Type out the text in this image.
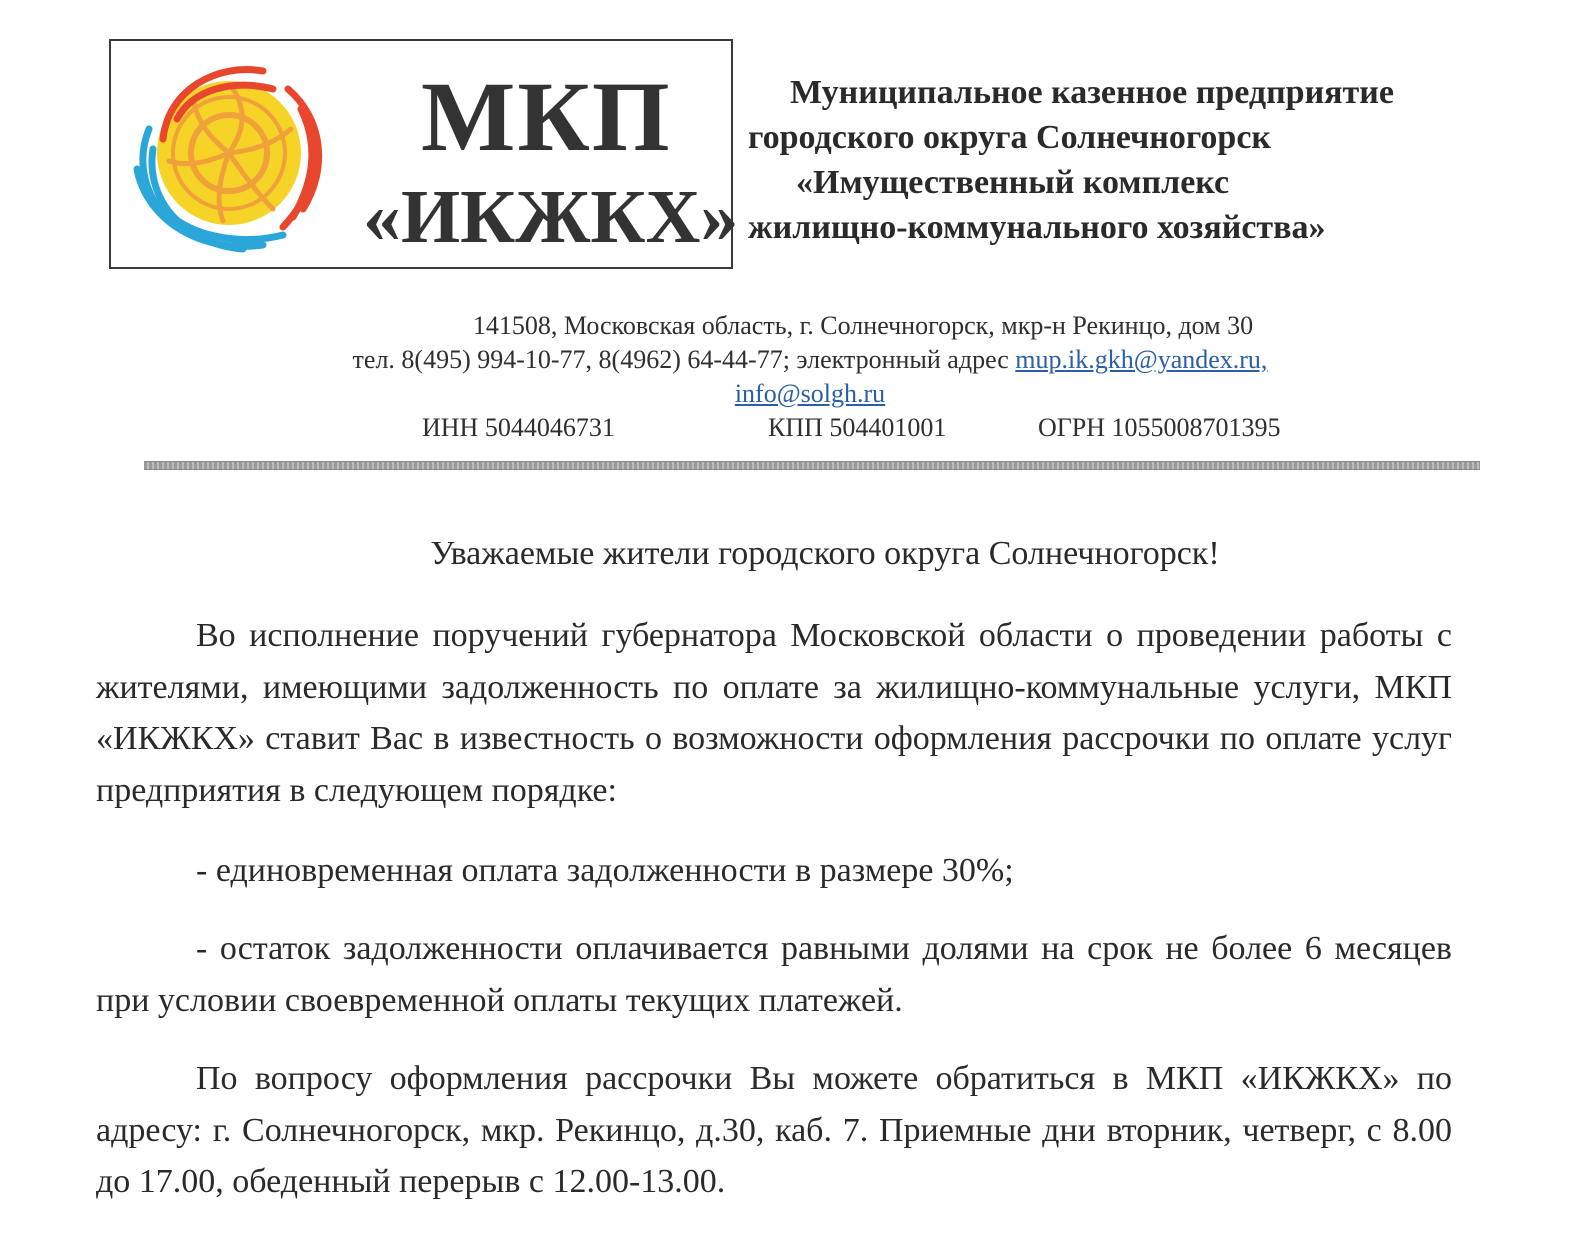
МКП
«ИКЖКХ»
Муниципальное казенное предприятие
городского округа Солнечногорск
«Имущественный комплекс
жилищно-коммунального хозяйства»
141508, Московская область, г. Солнечногорск, мкр-н Рекинцо, дом 30
тел. 8(495) 994-10-77, 8(4962) 64-44-77; электронный адрес mup.ik.gkh@yandex.ru,
info@solgh.ru
ИНН 5044046731	КПП 504401001	ОГРН 1055008701395
Уважаемые жители городского округа Солнечногорск!
Во исполнение поручений губернатора Московской области о проведении работы с жителями, имеющими задолженность по оплате за жилищно-коммунальные услуги, МКП «ИКЖКХ» ставит Вас в известность о возможности оформления рассрочки по оплате услуг предприятия в следующем порядке:
- единовременная оплата задолженности в размере 30%;
- остаток задолженности оплачивается равными долями на срок не более 6 месяцев при условии своевременной оплаты текущих платежей.
По вопросу оформления рассрочки Вы можете обратиться в МКП «ИКЖКХ» по адресу: г. Солнечногорск, мкр. Рекинцо, д.30, каб. 7. Приемные дни вторник, четверг, с 8.00 до 17.00, обеденный перерыв с 12.00-13.00.
